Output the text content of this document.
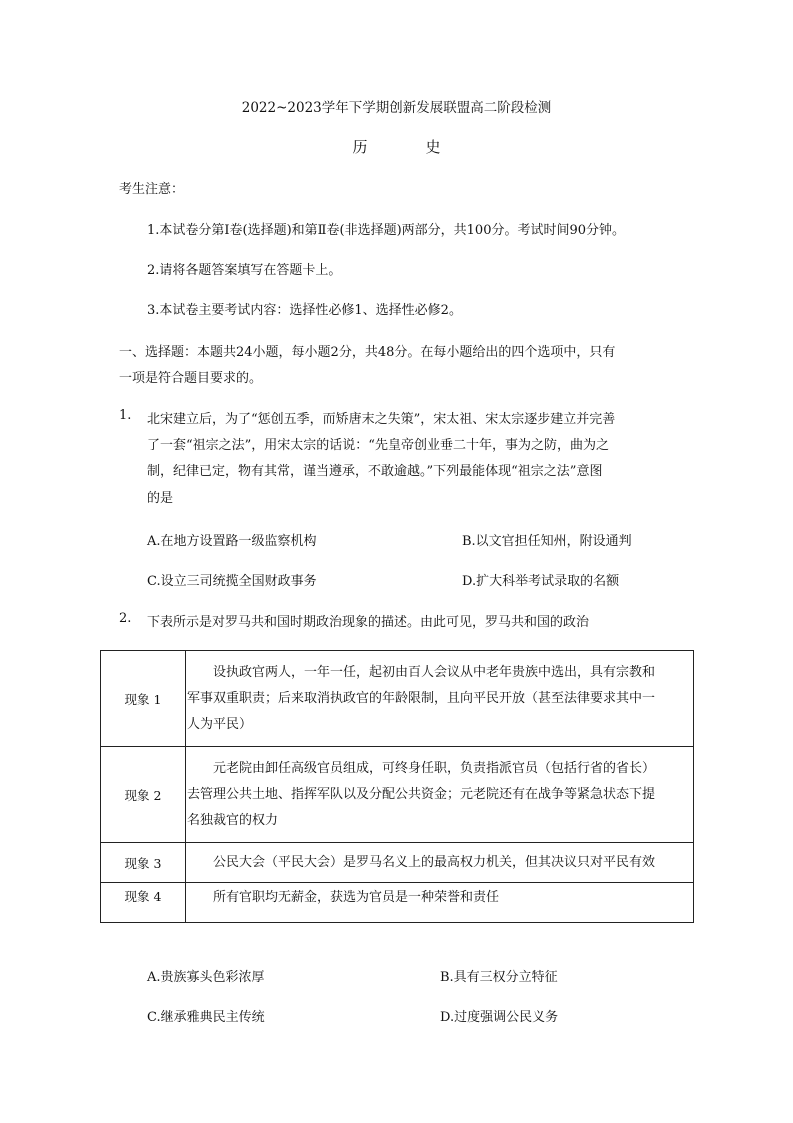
2022~2023学年下学期创新发展联盟高二阶段检测
历	史
考生注意：
1.本试卷分第Ⅰ卷(选择题)和第Ⅱ卷(非选择题)两部分，共100分。考试时间90分钟。
2.请将各题答案填写在答题卡上。
3.本试卷主要考试内容：选择性必修1、选择性必修2。
一、选择题：本题共24小题，每小题2分，共48分。在每小题给出的四个选项中，只有
一项是符合题目要求的。
1. 北宋建立后，为了“惩创五季，而矫唐末之失策”，宋太祖、宋太宗逐步建立并完善
了一套“祖宗之法”，用宋太宗的话说：“先皇帝创业垂二十年，事为之防，曲为之
制，纪律已定，物有其常，谨当遵承，不敢逾越。”下列最能体现“祖宗之法”意图
的是
A.在地方设置路一级监察机构	B.以文官担任知州，附设通判
C.设立三司统揽全国财政事务	D.扩大科举考试录取的名额
2. 下表所示是对罗马共和国时期政治现象的描述。由此可见，罗马共和国的政治
现象 1	设执政官两人，一年一任，起初由百人会议从中老年贵族中选出，具有宗教和
军事双重职责；后来取消执政官的年龄限制，且向平民开放（甚至法律要求其中一
人为平民）

现象 2	元老院由卸任高级官员组成，可终身任职，负责指派官员（包括行省的省长）
去管理公共土地、指挥军队以及分配公共资金；元老院还有在战争等紧急状态下提
名独裁官的权力

现象 3	公民大会（平民大会）是罗马名义上的最高权力机关，但其决议只对平民有效

现象 4	所有官职均无薪金，获选为官员是一种荣誉和责任
A.贵族寡头色彩浓厚	B.具有三权分立特征
C.继承雅典民主传统	D.过度强调公民义务
